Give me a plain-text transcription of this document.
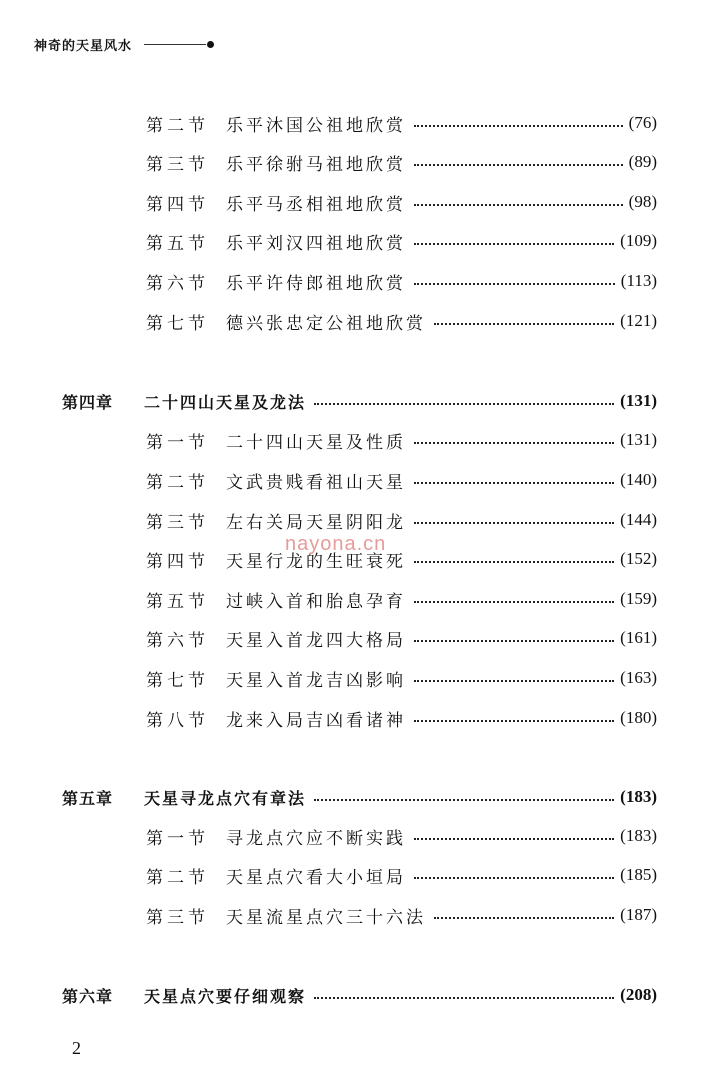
神奇的天星风水
第二节	乐平沐国公祖地欣赏	(76)
第三节	乐平徐驸马祖地欣赏	(89)
第四节	乐平马丞相祖地欣赏	(98)
第五节	乐平刘汉四祖地欣赏	(109)
第六节	乐平许侍郎祖地欣赏	(113)
第七节	德兴张忠定公祖地欣赏	(121)
第四章	二十四山天星及龙法	(131)
第一节	二十四山天星及性质	(131)
第二节	文武贵贱看祖山天星	(140)
第三节	左右关局天星阴阳龙	(144)
第四节	天星行龙的生旺衰死	(152)
第五节	过峡入首和胎息孕育	(159)
第六节	天星入首龙四大格局	(161)
第七节	天星入首龙吉凶影响	(163)
第八节	龙来入局吉凶看诸神	(180)
第五章	天星寻龙点穴有章法	(183)
第一节	寻龙点穴应不断实践	(183)
第二节	天星点穴看大小垣局	(185)
第三节	天星流星点穴三十六法	(187)
第六章	天星点穴要仔细观察	(208)
nayona.cn
2
